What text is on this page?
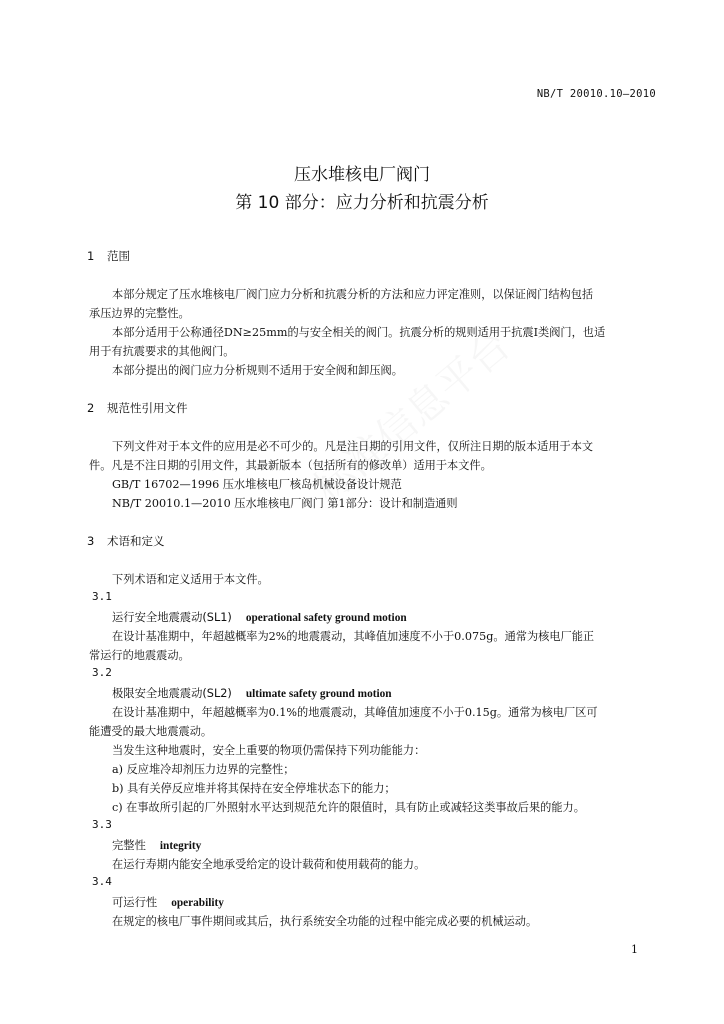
NB/T 20010.10—2010
压水堆核电厂阀门
第 10 部分：应力分析和抗震分析
1 范围
本部分规定了压水堆核电厂阀门应力分析和抗震分析的方法和应力评定准则，以保证阀门结构包括
承压边界的完整性。
本部分适用于公称通径DN≥25mm的与安全相关的阀门。抗震分析的规则适用于抗震I类阀门，也适
用于有抗震要求的其他阀门。
本部分提出的阀门应力分析规则不适用于安全阀和卸压阀。
2 规范性引用文件
下列文件对于本文件的应用是必不可少的。凡是注日期的引用文件，仅所注日期的版本适用于本文
件。凡是不注日期的引用文件，其最新版本（包括所有的修改单）适用于本文件。
GB/T 16702—1996 压水堆核电厂核岛机械设备设计规范
NB/T 20010.1—2010 压水堆核电厂阀门 第1部分：设计和制造通则
3 术语和定义
下列术语和定义适用于本文件。
3.1
运行安全地震震动(SL1) operational safety ground motion
在设计基准期中，年超越概率为2%的地震震动，其峰值加速度不小于0.075g。通常为核电厂能正
常运行的地震震动。
3.2
极限安全地震震动(SL2) ultimate safety ground motion
在设计基准期中，年超越概率为0.1%的地震震动，其峰值加速度不小于0.15g。通常为核电厂区可
能遭受的最大地震震动。
当发生这种地震时，安全上重要的物项仍需保持下列功能能力：
a) 反应堆冷却剂压力边界的完整性；
b) 具有关停反应堆并将其保持在安全停堆状态下的能力；
c) 在事故所引起的厂外照射水平达到规范允许的限值时，具有防止或减轻这类事故后果的能力。
3.3
完整性 integrity
在运行寿期内能安全地承受给定的设计载荷和使用载荷的能力。
3.4
可运行性 operability
在规定的核电厂事件期间或其后，执行系统安全功能的过程中能完成必要的机械运动。
1
